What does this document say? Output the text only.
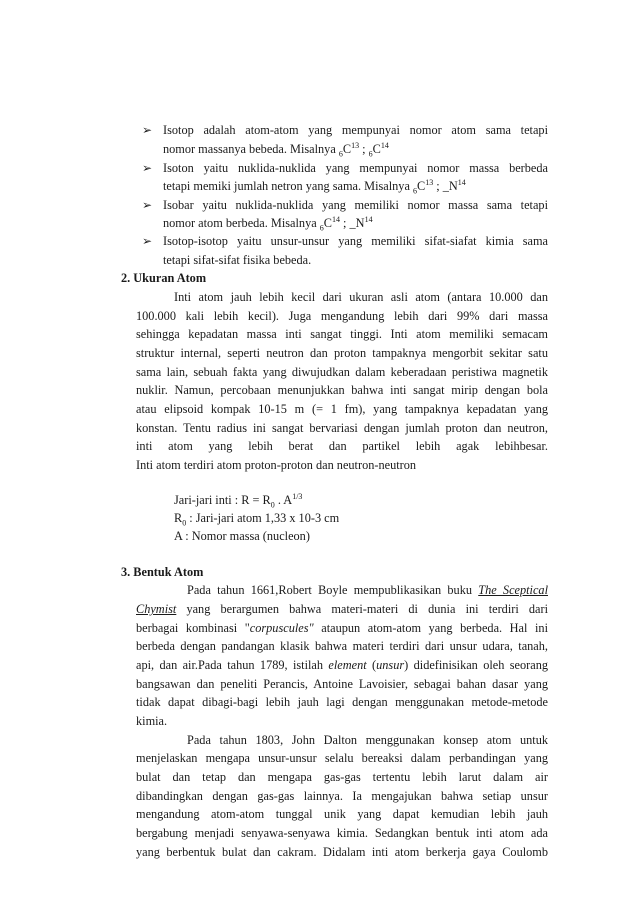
➢ Isotop adalah atom-atom yang mempunyai nomor atom sama tetapi
nomor massanya bebeda. Misalnya $_6C^{13}$ ; $_6C^{14}$
➢ Isoton yaitu nuklida-nuklida yang mempunyai nomor massa berbeda
tetapi memiki jumlah netron yang sama. Misalnya $_6C^{13}$ ; $\_N^{14}$
➢ Isobar yaitu nuklida-nuklida yang memiliki nomor massa sama tetapi
nomor atom berbeda. Misalnya $_6C^{14}$ ; $\_N^{14}$
➢ Isotop-isotop yaitu unsur-unsur yang memiliki sifat-siafat kimia sama
tetapi sifat-sifat fisika bebeda.
2. Ukuran Atom
Inti atom jauh lebih kecil dari ukuran asli atom (antara 10.000 dan
100.000 kali lebih kecil). Juga mengandung lebih dari 99% dari massa
sehingga kepadatan massa inti sangat tinggi. Inti atom memiliki semacam
struktur internal, seperti neutron dan proton tampaknya mengorbit sekitar satu
sama lain, sebuah fakta yang diwujudkan dalam keberadaan peristiwa magnetik
nuklir. Namun, percobaan menunjukkan bahwa inti sangat mirip dengan bola
atau elipsoid kompak 10-15 m (= 1 fm), yang tampaknya kepadatan yang
konstan. Tentu radius ini sangat bervariasi dengan jumlah proton dan neutron,
inti atom yang lebih berat dan partikel lebih agak lebihbesar.
Inti atom terdiri atom proton-proton dan neutron-neutron
Jari-jari inti : $R = R_0$ . $A^{1/3}$
$R_0$ : Jari-jari atom 1,33 x 10-3 cm
A : Nomor massa (nucleon)
3. Bentuk Atom
Pada tahun 1661,Robert Boyle mempublikasikan buku The Sceptical
Chymist yang berargumen bahwa materi-materi di dunia ini terdiri dari
berbagai kombinasi "corpuscules" ataupun atom-atom yang berbeda. Hal ini
berbeda dengan pandangan klasik bahwa materi terdiri dari unsur udara, tanah,
api, dan air.Pada tahun 1789, istilah element (unsur) didefinisikan oleh seorang
bangsawan dan peneliti Perancis, Antoine Lavoisier, sebagai bahan dasar yang
tidak dapat dibagi-bagi lebih jauh lagi dengan menggunakan metode-metode
kimia.
Pada tahun 1803, John Dalton menggunakan konsep atom untuk
menjelaskan mengapa unsur-unsur selalu bereaksi dalam perbandingan yang
bulat dan tetap dan mengapa gas-gas tertentu lebih larut dalam air
dibandingkan dengan gas-gas lainnya. Ia mengajukan bahwa setiap unsur
mengandung atom-atom tunggal unik yang dapat kemudian lebih jauh
bergabung menjadi senyawa-senyawa kimia. Sedangkan bentuk inti atom ada
yang berbentuk bulat dan cakram. Didalam inti atom berkerja gaya Coulomb
